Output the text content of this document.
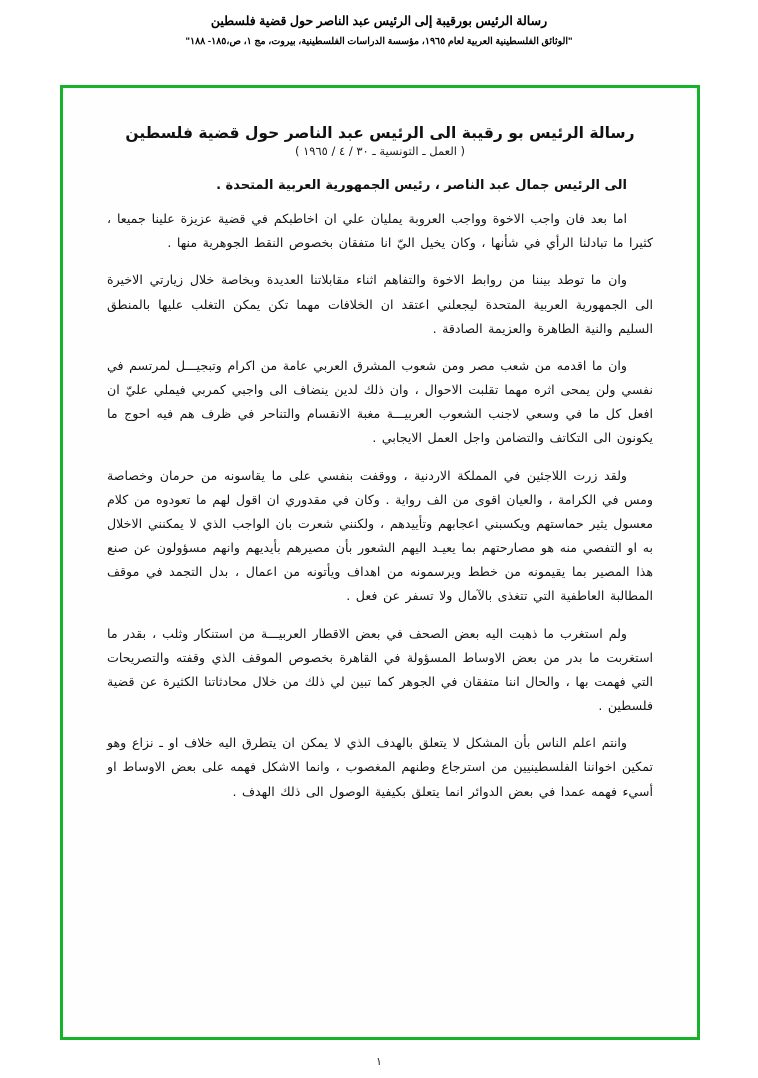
رسالة الرئيس بورقيبة إلى الرئيس عبد الناصر حول قضية فلسطين
"الوثائق الفلسطينية العربية لعام ١٩٦٥، مؤسسة الدراسات الفلسطينية، بيروت، مج ١، ص،١٨٥- ١٨٨"
رسالة الرئيس بو رقيبة الى الرئيس عبد الناصر حول قضية فلسطين
( العمل ـ التونسية ـ ٣٠ / ٤ / ١٩٦٥ )
الى الرئيس جمال عبد الناصر ، رئيس الجمهورية العربية المتحدة .

اما بعد فان واجب الاخوة وواجب العروبة يمليان علي ان اخاطبكم في قضية عزيزة علينا جميعا ، كثيرا ما تبادلنا الرأي في شأنها ، وكان يخيل اليّ انا متفقان بخصوص النقط الجوهرية منها .

وان ما توطد بيننا من روابط الاخوة والتفاهم اثناء مقابلاتنا العديدة وبخاصة خلال زيارتي الاخيرة الى الجمهورية العربية المتحدة ليجعلني اعتقد ان الخلافات مهما تكن يمكن التغلب عليها بالمنطق السليم والنية الطاهرة والعزيمة الصادقة .

وان ما اقدمه من شعب مصر ومن شعوب المشرق العربي عامة من اكرام وتبجيـــل لمرتسم في نفسي ولن يمحى اثره مهما تقلبت الاحوال ، وان ذلك لدين ينضاف الى واجبي كمربي فيملي عليّ ان افعل كل ما في وسعي لاجنب الشعوب العربيـــة مغبة الانقسام والتناحر في ظرف هم فيه احوج ما يكونون الى التكاتف والتضامن واجل العمل الايجابي .

ولقد زرت اللاجئين في المملكة الاردنية ، ووقفت بنفسي على ما يقاسونه من حرمان وخصاصة ومس في الكرامة ، والعيان اقوى من الف رواية . وكان في مقدوري ان اقول لهم ما تعودوه من كلام معسول يثير حماستهم ويكسبني اعجابهم وتأييدهم ، ولكنني شعرت بان الواجب الذي لا يمكنني الاخلال به او التفصي منه هو مصارحتهم بما يعيـد اليهم الشعور بأن مصيرهم بأيديهم وانهم مسؤولون عن صنع هذا المصير بما يقيمونه من خطط ويرسمونه من اهداف ويأتونه من اعمال ، بدل التجمد في موقف المطالبة العاطفية التي تتغذى بالآمال ولا تسفر عن فعل .

ولم استغرب ما ذهبت اليه بعض الصحف في بعض الاقطار العربيـــة من استنكار وثلب ، بقدر ما استغربت ما بدر من بعض الاوساط المسؤولة في القاهرة بخصوص الموقف الذي وقفته والتصريحات التي فهمت بها ، والحال اننا متفقان في الجوهر كما تبين لي ذلك من خلال محادثاتنا الكثيرة عن قضية فلسطين .

وانتم اعلم الناس بأن المشكل لا يتعلق بالهدف الذي لا يمكن ان يتطرق اليه خلاف او ـ نزاع وهو تمكين اخواننا الفلسطينيين من استرجاع وطنهم المغصوب ، وانما الاشكل فهمه على بعض الاوساط او أسيء فهمه عمدا في بعض الدوائر انما يتعلق بكيفية الوصول الى ذلك الهدف .

١
